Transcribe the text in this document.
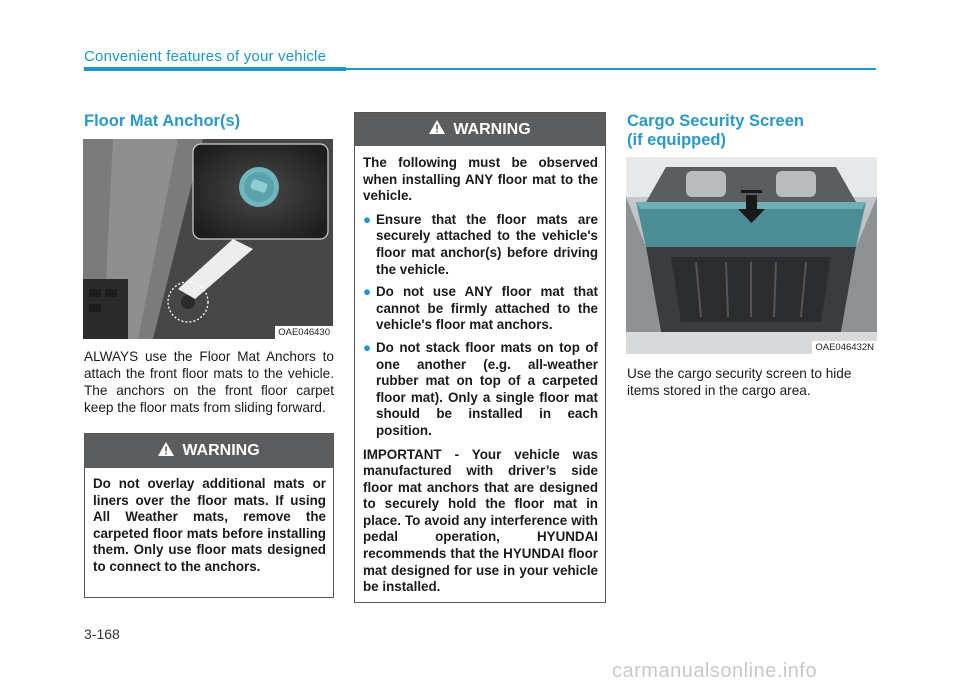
Convenient features of your vehicle
Floor Mat Anchor(s)
OAE046430
ALWAYS use the Floor Mat Anchors to attach the front floor mats to the vehicle. The anchors on the front floor carpet keep the floor mats from sliding forward.
WARNING

Do not overlay additional mats or liners over the floor mats. If using All Weather mats, remove the carpeted floor mats before installing them. Only use floor mats designed to connect to the anchors.

WARNING

The following must be observed when installing ANY floor mat to the vehicle.

● Ensure that the floor mats are securely attached to the vehicle's floor mat anchor(s) before driving the vehicle.
● Do not use ANY floor mat that cannot be firmly attached to the vehicle's floor mat anchors.
● Do not stack floor mats on top of one another (e.g. all-weather rubber mat on top of a carpeted floor mat). Only a single floor mat should be installed in each position.

IMPORTANT - Your vehicle was manufactured with driver’s side floor mat anchors that are designed to securely hold the floor mat in place. To avoid any interference with pedal operation, HYUNDAI recommends that the HYUNDAI floor mat designed for use in your vehicle be installed.

Cargo Security Screen
(if equipped)
OAE046432N
Use the cargo security screen to hide items stored in the cargo area.
3-168
carmanualsonline.info
